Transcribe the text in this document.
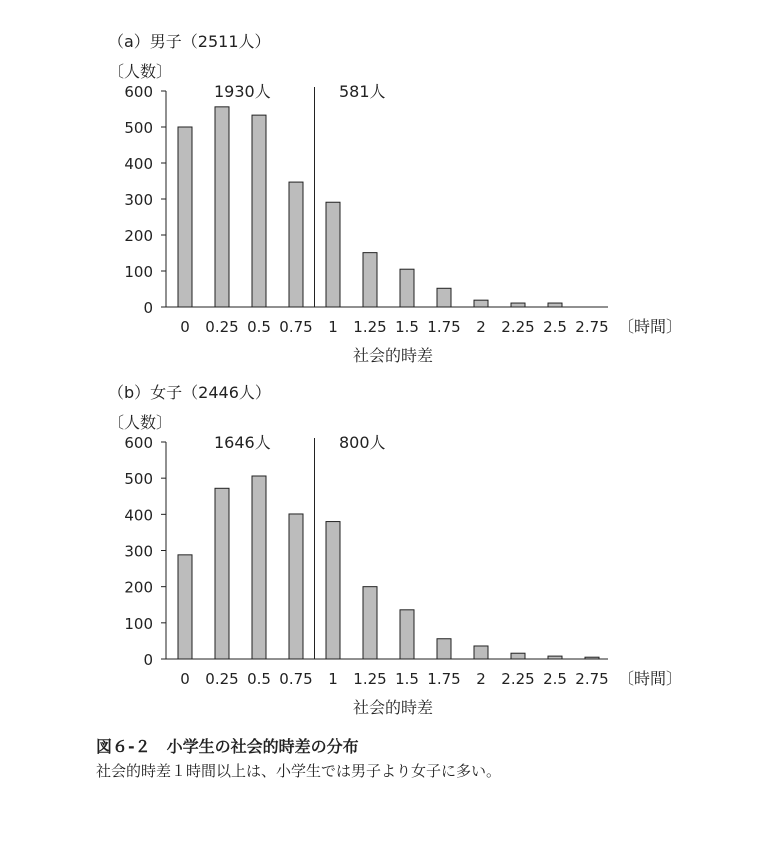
（a）男子（2511人）
〔人数〕
1930人	581人
〔時間〕
社会的時差
0
100
200
300
400
500
600
0 0.25 0.5 0.75 1 1.25 1.5 1.75 2 2.25 2.5 2.75
（b）女子（2446人）
〔人数〕
1646人	800人
〔時間〕
社会的時差
0
100
200
300
400
500
600
0 0.25 0.5 0.75 1 1.25 1.5 1.75 2 2.25 2.5 2.75
図６-２　小学生の社会的時差の分布
社会的時差１時間以上は、小学生では男子より女子に多い。
